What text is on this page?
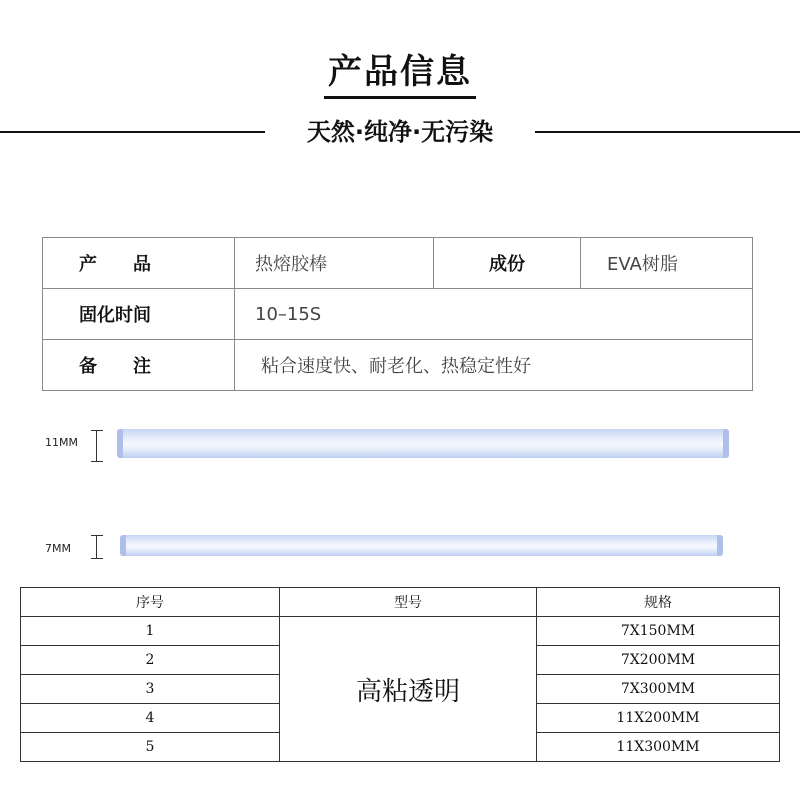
产品信息
天然·纯净·无污染
产　　品	热熔胶棒	成份	EVA树脂
固化时间	10–15S		
备　　注	粘合速度快、耐老化、热稳定性好		
11MM
7MM
序号	型号	规格
1	高粘透明	7X150MM
2		7X200MM
3		7X300MM
4		11X200MM
5		11X300MM
